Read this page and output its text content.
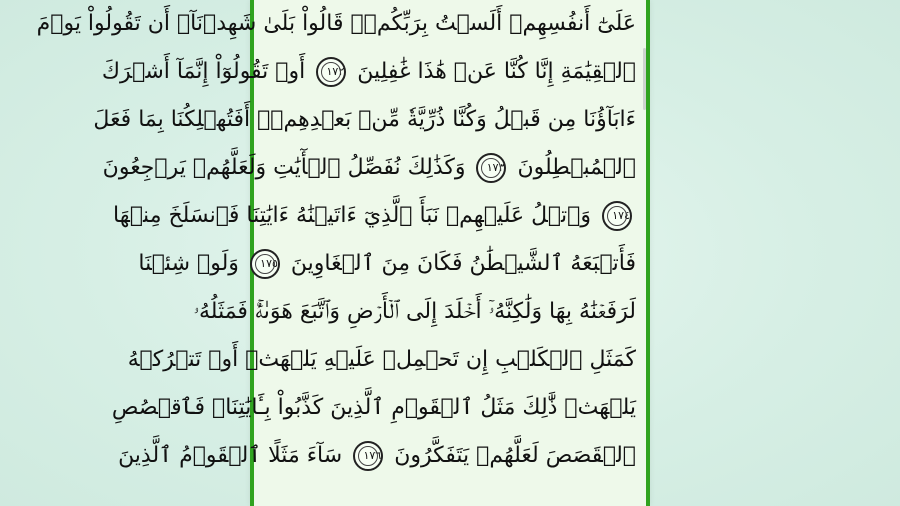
عَلَىٰٓ أَنفُسِهِمۡ أَلَسۡتُ بِرَبِّكُمۡۖ قَالُواْ بَلَىٰ شَهِدۡنَآۚ أَن تَقُولُواْ يَوۡمَ
ٱلۡقِيَٰمَةِ إِنَّا كُنَّا عَنۡ هَٰذَا غَٰفِلِينَ ١٧٢ أَوۡ تَقُولُوٓاْ إِنَّمَآ أَشۡرَكَ
ءَابَآؤُنَا مِن قَبۡلُ وَكُنَّا ذُرِّيَّةٗ مِّنۢ بَعۡدِهِمۡۖ أَفَتُهۡلِكُنَا بِمَا فَعَلَ
ٱلۡمُبۡطِلُونَ ١٧٣ وَكَذَٰلِكَ نُفَصِّلُ ٱلۡأٓيَٰتِ وَلَعَلَّهُمۡ يَرۡجِعُونَ
١٧٤ وَٱتۡلُ عَلَيۡهِمۡ نَبَأَ ٱلَّذِيٓ ءَاتَيۡنَٰهُ ءَايَٰتِنَا فَٱنسَلَخَ مِنۡهَا
فَأَتۡبَعَهُ ٱلشَّيۡطَٰنُ فَكَانَ مِنَ ٱلۡغَاوِينَ ١٧٥ وَلَوۡ شِئۡنَا
لَرَفَعۡنَٰهُ بِهَا وَلَٰكِنَّهُۥٓ أَخۡلَدَ إِلَى ٱلۡأَرۡضِ وَٱتَّبَعَ هَوَىٰهُۚ فَمَثَلُهُۥ
كَمَثَلِ ٱلۡكَلۡبِ إِن تَحۡمِلۡ عَلَيۡهِ يَلۡهَثۡ أَوۡ تَتۡرُكۡهُ
يَلۡهَثۚ ذَّٰلِكَ مَثَلُ ٱلۡقَوۡمِ ٱلَّذِينَ كَذَّبُواْ بِـَٔايَٰتِنَاۚ فَٱقۡصُصِ
ٱلۡقَصَصَ لَعَلَّهُمۡ يَتَفَكَّرُونَ ١٧٦ سَآءَ مَثَلًا ٱلۡقَوۡمُ ٱلَّذِينَ
